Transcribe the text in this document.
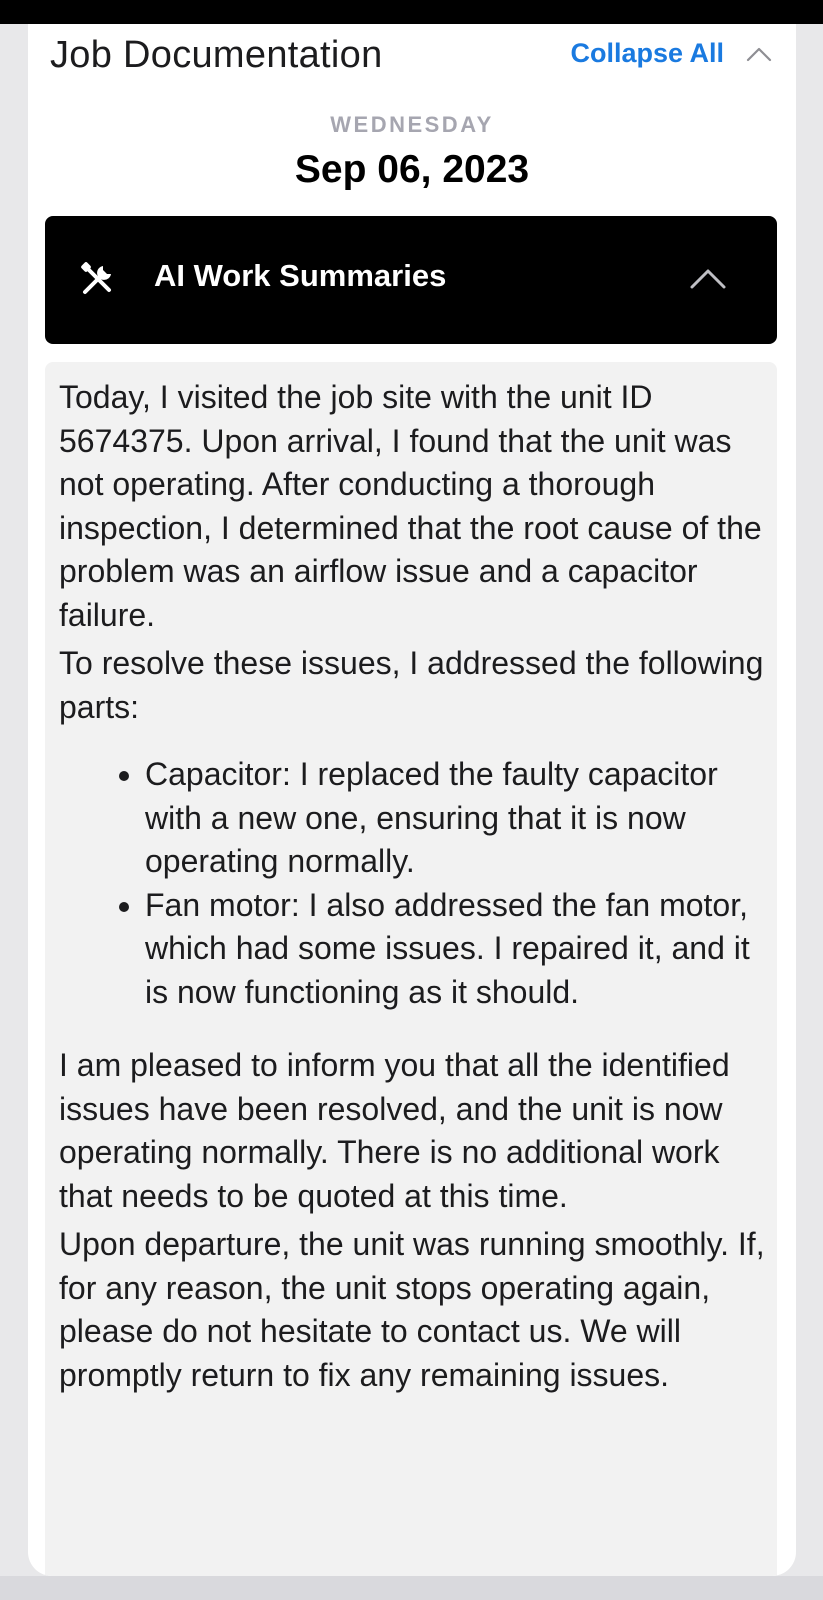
Job Documentation	Collapse All
WEDNESDAY
Sep 06, 2023
AI Work Summaries

Today, I visited the job site with the unit ID 5674375. Upon arrival, I found that the unit was not operating. After conducting a thorough inspection, I determined that the root cause of the problem was an airflow issue and a capacitor failure.

To resolve these issues, I addressed the following parts:

• Capacitor: I replaced the faulty capacitor with a new one, ensuring that it is now operating normally.
• Fan motor: I also addressed the fan motor, which had some issues. I repaired it, and it is now functioning as it should.

I am pleased to inform you that all the identified issues have been resolved, and the unit is now operating normally. There is no additional work that needs to be quoted at this time.

Upon departure, the unit was running smoothly. If, for any reason, the unit stops operating again, please do not hesitate to contact us. We will promptly return to fix any remaining issues.
